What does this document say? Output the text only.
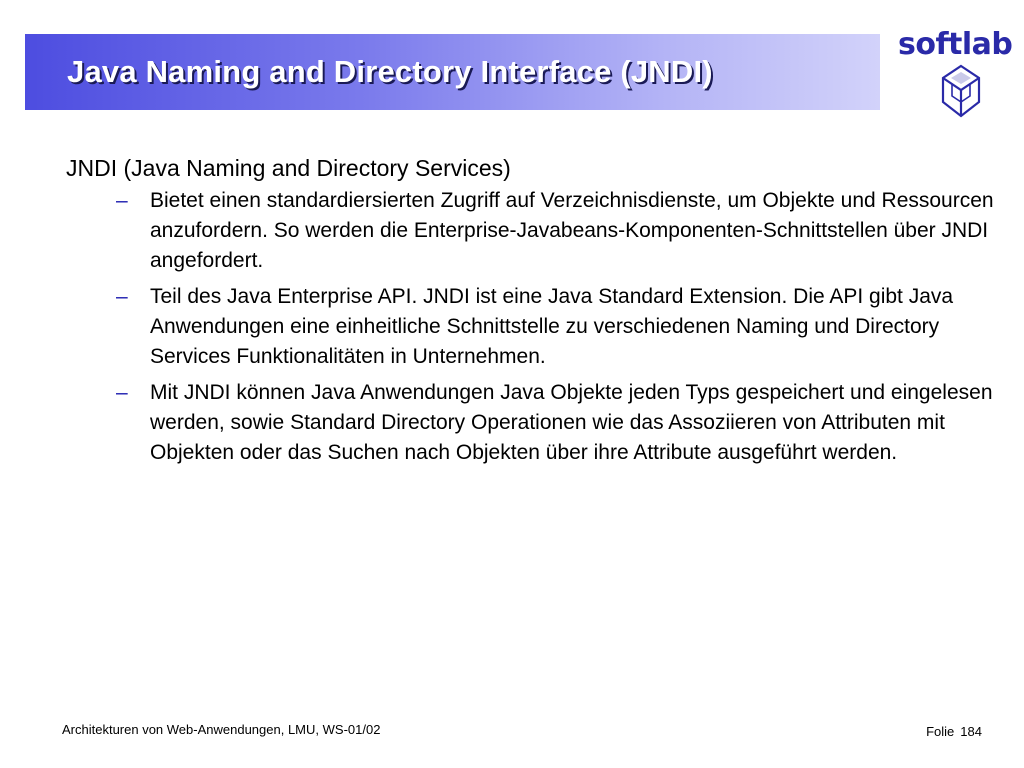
Java Naming and Directory Interface (JNDI)
softlab

JNDI (Java Naming and Directory Services)

– Bietet einen standardiersierten Zugriff auf Verzeichnisdienste, um Objekte und Ressourcen anzufordern. So werden die Enterprise-Javabeans-Komponenten-Schnittstellen über JNDI angefordert.
– Teil des Java Enterprise API. JNDI ist eine Java Standard Extension. Die API gibt Java Anwendungen eine einheitliche Schnittstelle zu verschiedenen Naming und Directory Services Funktionalitäten in Unternehmen.
– Mit JNDI können Java Anwendungen Java Objekte jeden Typs gespeichert und eingelesen werden, sowie Standard Directory Operationen wie das Assoziieren von Attributen mit Objekten oder das Suchen nach Objekten über ihre Attribute ausgeführt werden.
Architekturen von Web-Anwendungen, LMU, WS-01/02	Folie 184
